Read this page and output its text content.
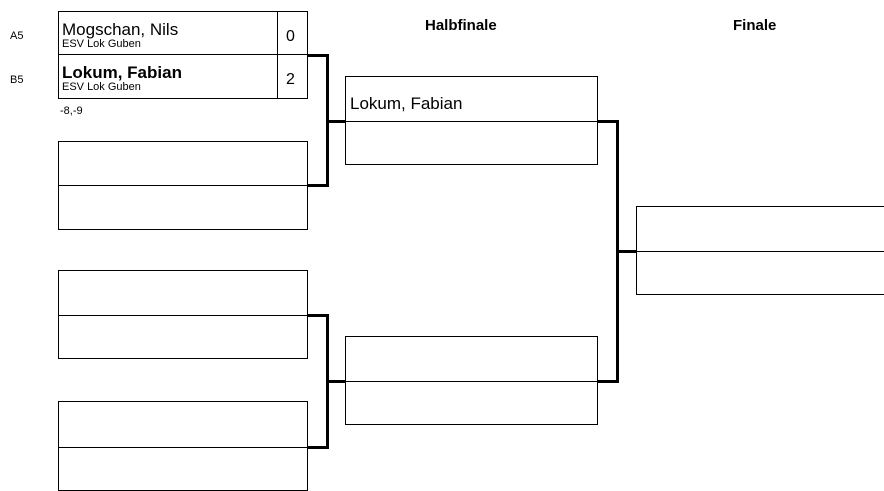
Halbfinale	Finale
A5
B5
Mogschan, Nils
ESV Lok Guben	0
Lokum, Fabian
ESV Lok Guben	2
-8,-9	Lokum, Fabian
